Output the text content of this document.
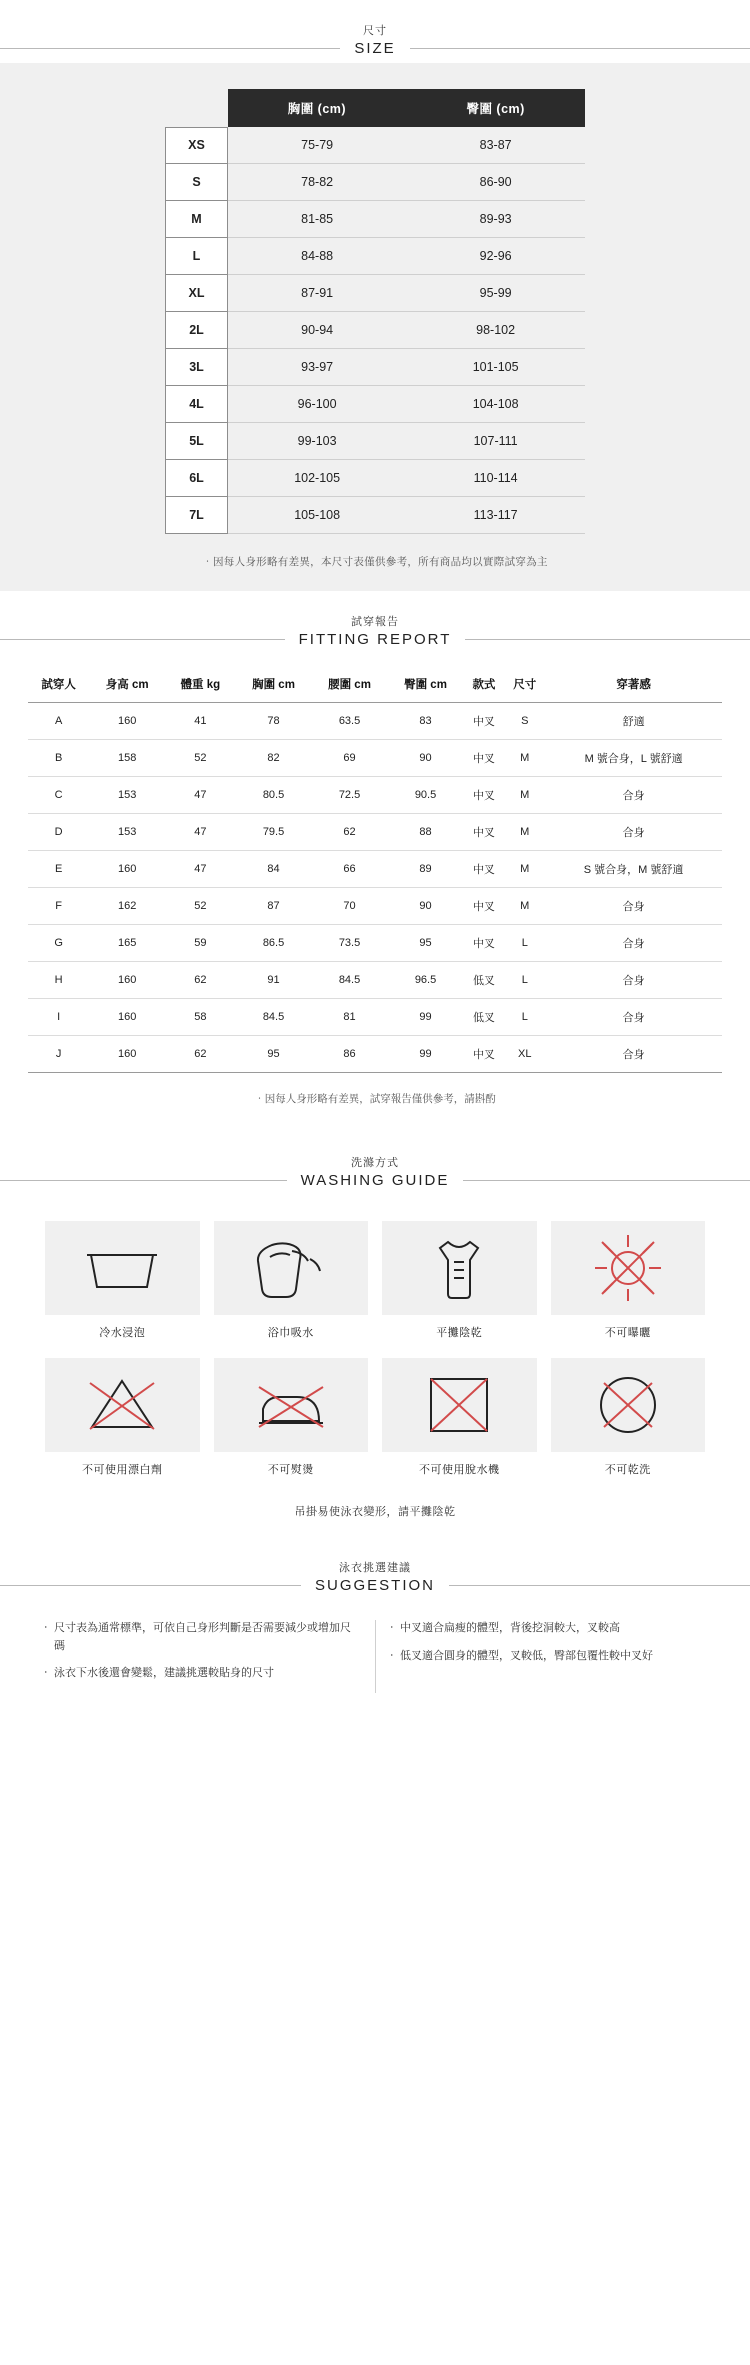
尺寸
SIZE
	胸圍 (cm)	臀圍 (cm)
XS	75-79	83-87
S	78-82	86-90
M	81-85	89-93
L	84-88	92-96
XL	87-91	95-99
2L	90-94	98-102
3L	93-97	101-105
4L	96-100	104-108
5L	99-103	107-111
6L	102-105	110-114
7L	105-108	113-117
‧因每人身形略有差異，本尺寸表僅供參考，所有商品均以實際試穿為主
試穿報告
FITTING REPORT
試穿人	身高 cm	體重 kg	胸圍 cm	腰圍 cm	臀圍 cm	款式	尺寸	穿著感
A	160	41	78	63.5	83	中叉	S	舒適
B	158	52	82	69	90	中叉	M	M 號合身，L 號舒適
C	153	47	80.5	72.5	90.5	中叉	M	合身
D	153	47	79.5	62	88	中叉	M	合身
E	160	47	84	66	89	中叉	M	S 號合身，M 號舒適
F	162	52	87	70	90	中叉	M	合身
G	165	59	86.5	73.5	95	中叉	L	合身
H	160	62	91	84.5	96.5	低叉	L	合身
I	160	58	84.5	81	99	低叉	L	合身
J	160	62	95	86	99	中叉	XL	合身
‧因每人身形略有差異，試穿報告僅供參考，請斟酌
洗滌方式
WASHING GUIDE
冷水浸泡	浴巾吸水	平攤陰乾	不可曝曬
不可使用漂白劑	不可熨燙	不可使用脫水機	不可乾洗
吊掛易使泳衣變形，請平攤陰乾
泳衣挑選建議
SUGGESTION

‧ 尺寸表為通常標準，可依自己身形判斷是否需要減少或增加尺碼

‧ 泳衣下水後還會變鬆，建議挑選較貼身的尺寸

‧ 中叉適合扁瘦的體型，背後挖洞較大，叉較高

‧ 低叉適合圓身的體型，叉較低，臀部包覆性較中叉好
